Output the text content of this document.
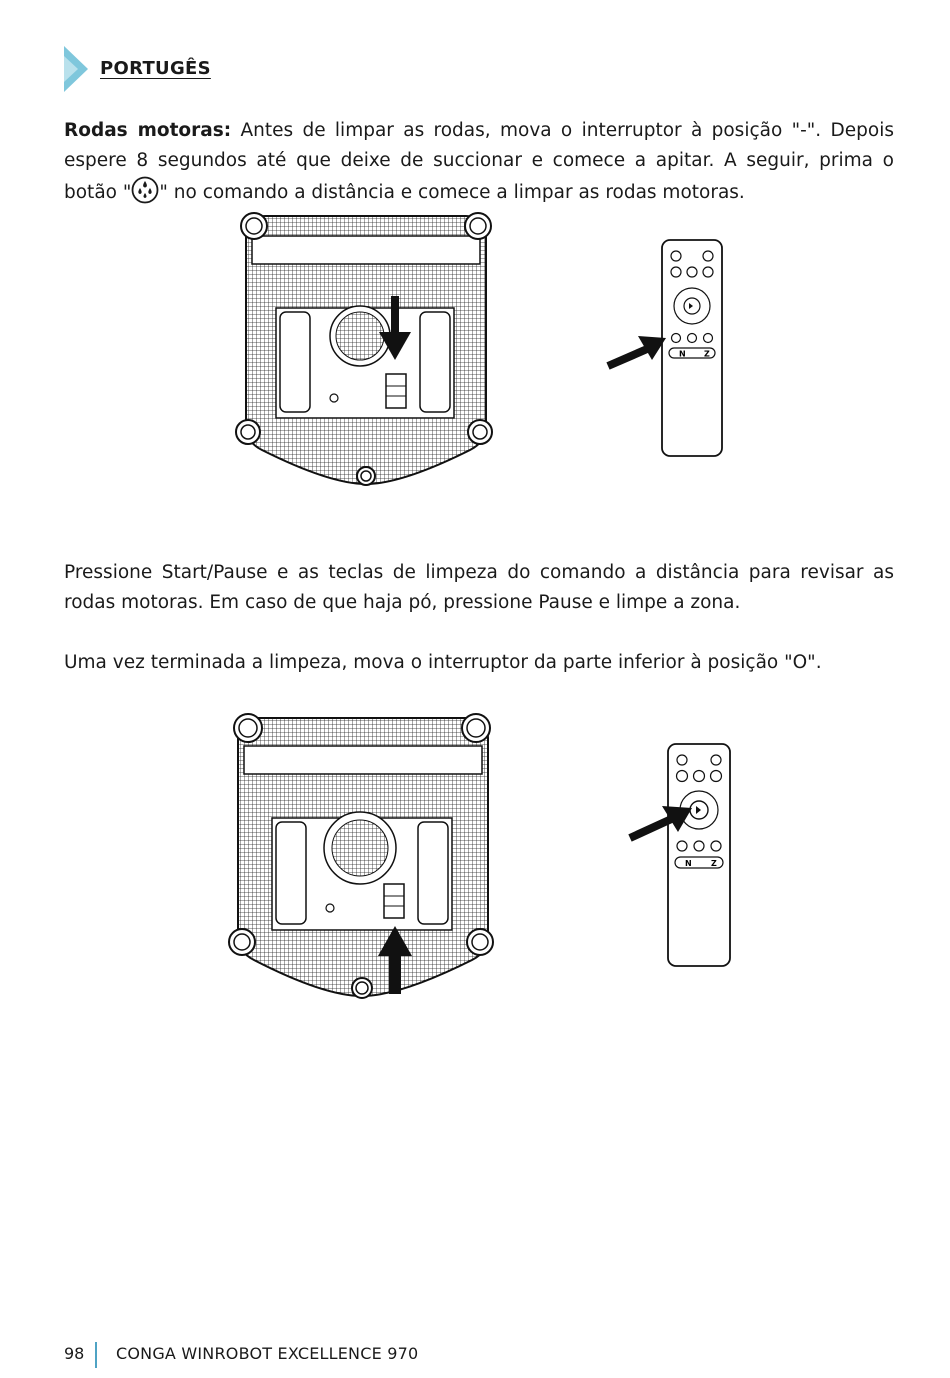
PORTUGÊS
Rodas motoras: Antes de limpar as rodas, mova o interruptor à posição "-". Depois espere 8 segundos até que deixe de succionar e comece a apitar. A seguir, prima o botão " " no comando a distância e comece a limpar as rodas motoras.
N Z
Pressione Start/Pause e as teclas de limpeza do comando a distância para revisar as rodas motoras. Em caso de que haja pó, pressione Pause e limpe a zona.
Uma vez terminada a limpeza, mova o interruptor da parte inferior à posição "O".
N Z
98 CONGA WINROBOT EXCELLENCE 970
